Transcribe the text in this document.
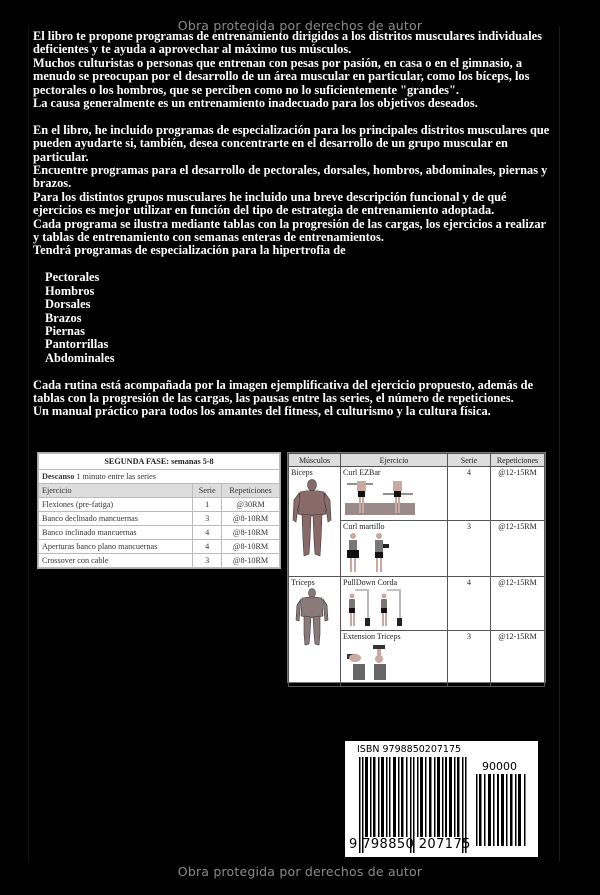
Obra protegida por derechos de autor

El libro te propone programas de entrenamiento dirigidos a los distritos musculares individuales deficientes y te ayuda a aprovechar al máximo tus músculos.

Muchos culturistas o personas que entrenan con pesas por pasión, en casa o en el gimnasio, a menudo se preocupan por el desarrollo de un área muscular en particular, como los bíceps, los pectorales o los hombros, que se perciben como no lo suficientemente "grandes".

La causa generalmente es un entrenamiento inadecuado para los objetivos deseados.

En el libro, he incluido programas de especialización para los principales distritos musculares que pueden ayudarte si, también, desea concentrarte en el desarrollo de un grupo muscular en particular.

Encuentre programas para el desarrollo de pectorales, dorsales, hombros, abdominales, piernas y brazos.

Para los distintos grupos musculares he incluido una breve descripción funcional y de qué ejercicios es mejor utilizar en función del tipo de estrategia de entrenamiento adoptada.

Cada programa se ilustra mediante tablas con la progresión de las cargas, los ejercicios a realizar y tablas de entrenamiento con semanas enteras de entrenamientos.

Tendrá programas de especialización para la hipertrofia de

Pectorales
Hombros
Dorsales
Brazos
Piernas
Pantorrillas
Abdominales

Cada rutina está acompañada por la imagen ejemplificativa del ejercicio propuesto, además de tablas con la progresión de las cargas, las pausas entre las series, el número de repeticiones.

Un manual práctico para todos los amantes del fitness, el culturismo y la cultura física.

SEGUNDA FASE: semanas 5-8		
Descanso 1 minuto entre las series		
Ejercicio	Serie	Repeticiones
Flexiones (pre-fatiga)	1	@30RM
Banco declinado mancuernas	3	@8-10RM
Banco inclinado mancuernas	4	@8-10RM
Aperturas banco plano mancuernas	4	@8-10RM
Crossover con cable	3	@8-10RM
Músculos	Ejercicio	Serie	Repeticiones

Bíceps	Curl EZBar	4	@12-15RM

	Curl martillo	3	@12-15RM

Tríceps	PullDown Corda	4	@12-15RM

	Extension Triceps	3	@12-15RM
ISBN 9798850207175
90000
9 798850 207175
Obra protegida por derechos de autor
